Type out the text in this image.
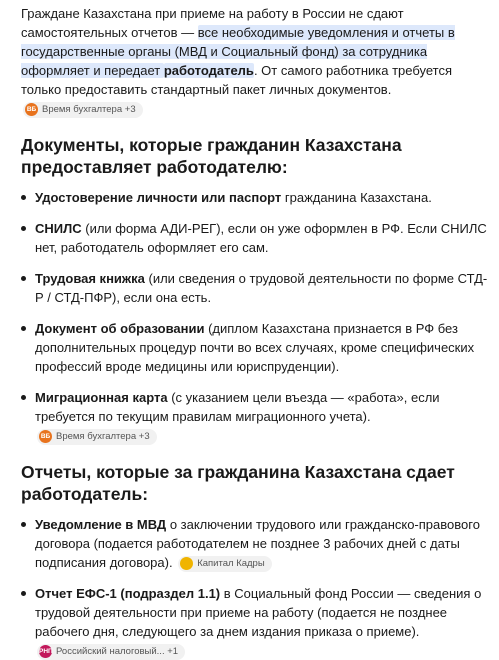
Граждане Казахстана при приеме на работу в России не сдают самостоятельных отчетов — все необходимые уведомления и отчеты в государственные органы (МВД и Социальный фонд) за сотрудника оформляет и передает работодатель. От самого работника требуется только предоставить стандартный пакет личных документов.
ВБ Время бухгалтера +3

Документы, которые гражданин Казахстана предоставляет работодателю:
Удостоверение личности или паспорт гражданина Казахстана.
СНИЛС (или форма АДИ-РЕГ), если он уже оформлен в РФ. Если СНИЛС нет, работодатель оформляет его сам.
Трудовая книжка (или сведения о трудовой деятельности по форме СТД-Р / СТД-ПФР), если она есть.
Документ об образовании (диплом Казахстана признается в РФ без дополнительных процедур почти во всех случаях, кроме специфических профессий вроде медицины или юриспруденции).
Миграционная карта (с указанием цели въезда — «работа», если требуется по текущим правилам миграционного учета).
ВБ Время бухгалтера +3
Отчеты, которые за гражданина Казахстана сдает работодатель:
Уведомление в МВД о заключении трудового или гражданско-правового договора (подается работодателем не позднее 3 рабочих дней с даты подписания договора).	Капитал Кадры
Отчет ЕФС-1 (подраздел 1.1) в Социальный фонд России — сведения о трудовой деятельности при приеме на работу (подается не позднее рабочего дня, следующего за днем издания приказа о приеме).
РНП Российский налоговый... +1
